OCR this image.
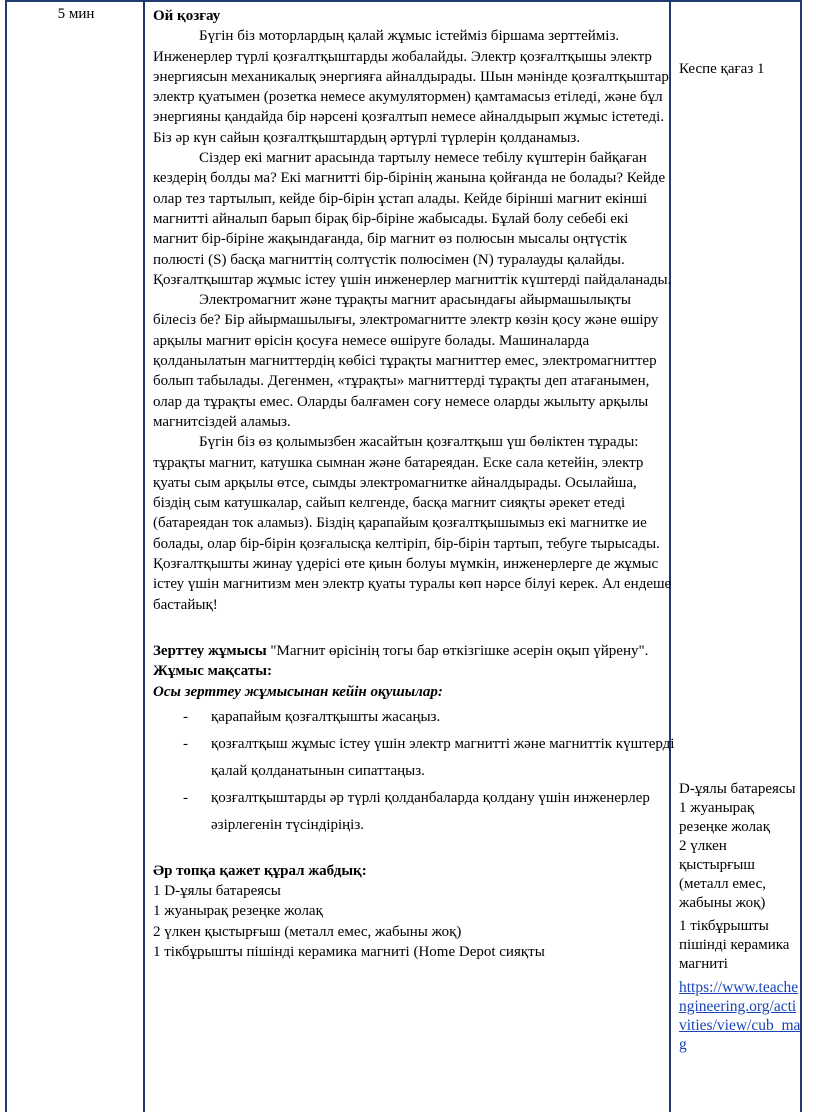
5 мин	Ой қозғау

Бүгін біз моторлардың қалай жұмыс істейміз біршама зерттейміз. Инженерлер түрлі қозғалтқыштарды жобалайды. Электр қозғалтқышы электр энергиясын механикалық энергияға айналдырады. Шын мәнінде қозғалтқыштар электр қуатымен (розетка немесе акумулятормен) қамтамасыз етіледі, және бұл энергияны қандайда бір нәрсені қозғалтып немесе айналдырып жұмыс істетеді. Біз әр күн сайын қозғалтқыштардың әртүрлі түрлерін қолданамыз.

Сіздер екі магнит арасында тартылу немесе тебілу күштерін байқаған кездерің болды ма? Екі магнитті бір-бірінің жанына қойғанда не болады? Кейде олар тез тартылып, кейде бір-бірін ұстап алады. Кейде бірінші магнит екінші магнитті айналып барып бірақ бір-біріне жабысады. Бұлай болу себебі екі магнит бір-біріне жақындағанда, бір магнит өз полюсын мысалы оңтүстік полюсті (S) басқа магниттің солтүстік полюсімен (N) туралауды қалайды. Қозғалтқыштар жұмыс істеу үшін инженерлер магниттік күштерді пайдаланады.

Электромагнит және тұрақты магнит арасындағы айырмашылықты білесіз бе? Бір айырмашылығы, электромагнитте электр көзін қосу және өшіру арқылы магнит өрісін қосуға немесе өшіруге болады. Машиналарда қолданылатын магниттердің көбісі тұрақты магниттер емес, электромагниттер болып табылады. Дегенмен, «тұрақты» магниттерді тұрақты деп атағанымен, олар да тұрақты емес. Оларды балғамен соғу немесе оларды жылыту арқылы магнитсіздей аламыз.

Бүгін біз өз қолымызбен жасайтын қозғалтқыш үш бөліктен тұрады: тұрақты магнит, катушка сымнан және батареядан. Еске сала кетейін, электр қуаты сым арқылы өтсе, сымды электромагнитке айналдырады. Осылайша, біздің сым катушкалар, сайып келгенде, басқа магнит сияқты әрекет етеді (батареядан ток аламыз). Біздің қарапайым қозғалтқышымыз екі магнитке ие болады, олар бір-бірін қозғалысқа келтіріп, бір-бірін тартып, тебуге тырысады. Қозғалтқышты жинау үдерісі өте қиын болуы мүмкін, инженерлерге де жұмыс істеу үшін магнитизм мен электр қуаты туралы көп нәрсе білуі керек. Ал ендеше бастайық!

Зерттеу жұмысы "Магнит өрісінің тогы бар өткізгішке әсерін оқып үйрену".

Жұмыс мақсаты:

Осы зерттеу жұмысынан кейін оқушылар:

- қарапайым қозғалтқышты жасаңыз.
- қозғалтқыш жұмыс істеу үшін электр магнитті және магниттік күштерді қалай қолданатынын сипаттаңыз.
- қозғалтқыштарды әр түрлі қолданбаларда қолдану үшін инженерлер әзірлегенін түсіндіріңіз.

Әр топқа қажет құрал жабдық:

1 D-ұялы батареясы

1 жуанырақ резеңке жолақ

2 үлкен қыстырғыш (металл емес, жабыны жоқ)

1 тікбұрышты пішінді керамика магниті (Home Depot сияқты

Кеспе қағаз 1

D-ұялы батареясы

1 жуанырақ резеңке жолақ

2 үлкен қыстырғыш (металл емес, жабыны жоқ)

1 тікбұрышты пішінді керамика магниті

https://www.teachengineering.org/activities/view/cub_mag
